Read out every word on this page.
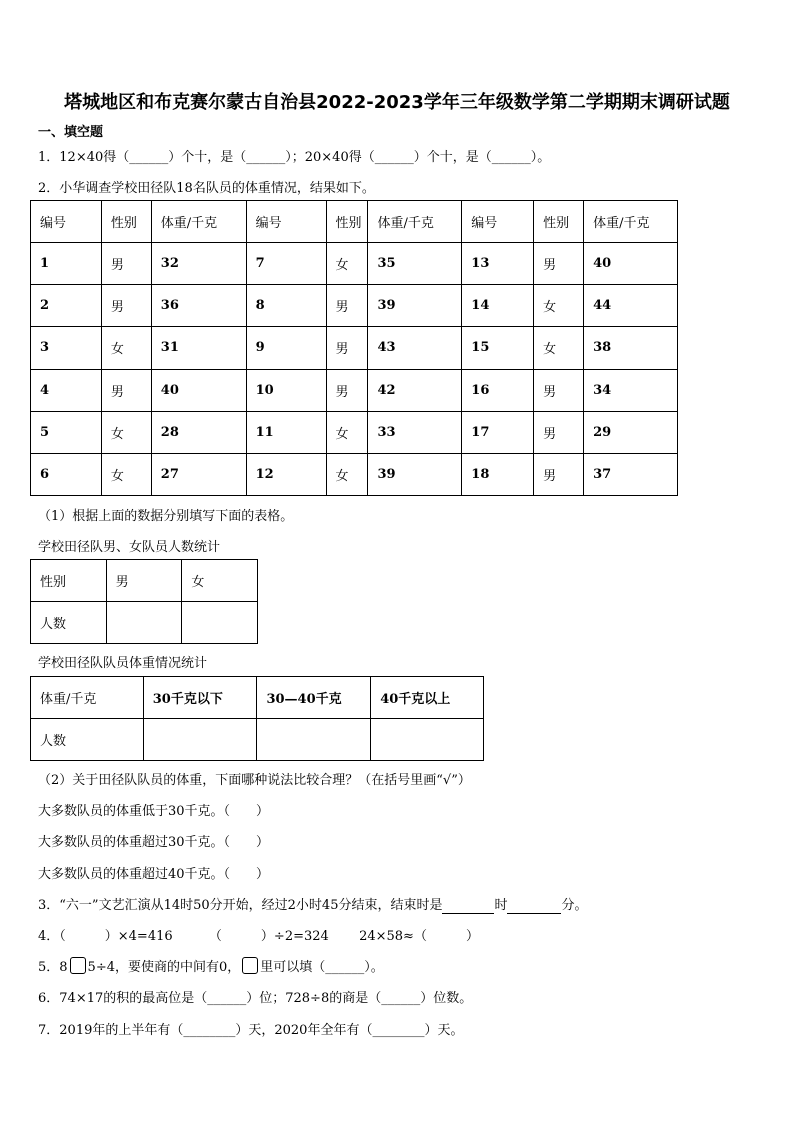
塔城地区和布克赛尔蒙古自治县2022-2023学年三年级数学第二学期期末调研试题
一、填空题
1．12×40得（______）个十，是（______）；20×40得（______）个十，是（______）。
2．小华调查学校田径队18名队员的体重情况，结果如下。
编号	性别	体重/千克	编号	性别	体重/千克	编号	性别	体重/千克
1	男	32	7	女	35	13	男	40
2	男	36	8	男	39	14	女	44
3	女	31	9	男	43	15	女	38
4	男	40	10	男	42	16	男	34
5	女	28	11	女	33	17	男	29
6	女	27	12	女	39	18	男	37
（1）根据上面的数据分别填写下面的表格。
学校田径队男、女队员人数统计
性别	男	女
人数		
学校田径队队员体重情况统计
体重/千克	30千克以下	30—40千克	40千克以上
人数			
（2）关于田径队队员的体重，下面哪种说法比较合理？（在括号里画“√”）
大多数队员的体重低于30千克。（　　）
大多数队员的体重超过30千克。（　　）
大多数队员的体重超过40千克。（　　）
3．“六一”文艺汇演从14时50分开始，经过2小时45分结束，结束时是	时	分。
4．（　　　）×4=416	（　　　）÷2=324 24×58≈（　　　）
5．8 5÷4，要使商的中间有0， 里可以填（______）。
6．74×17的积的最高位是（______）位；728÷8的商是（______）位数。
7．2019年的上半年有（________）天，2020年全年有（________）天。
